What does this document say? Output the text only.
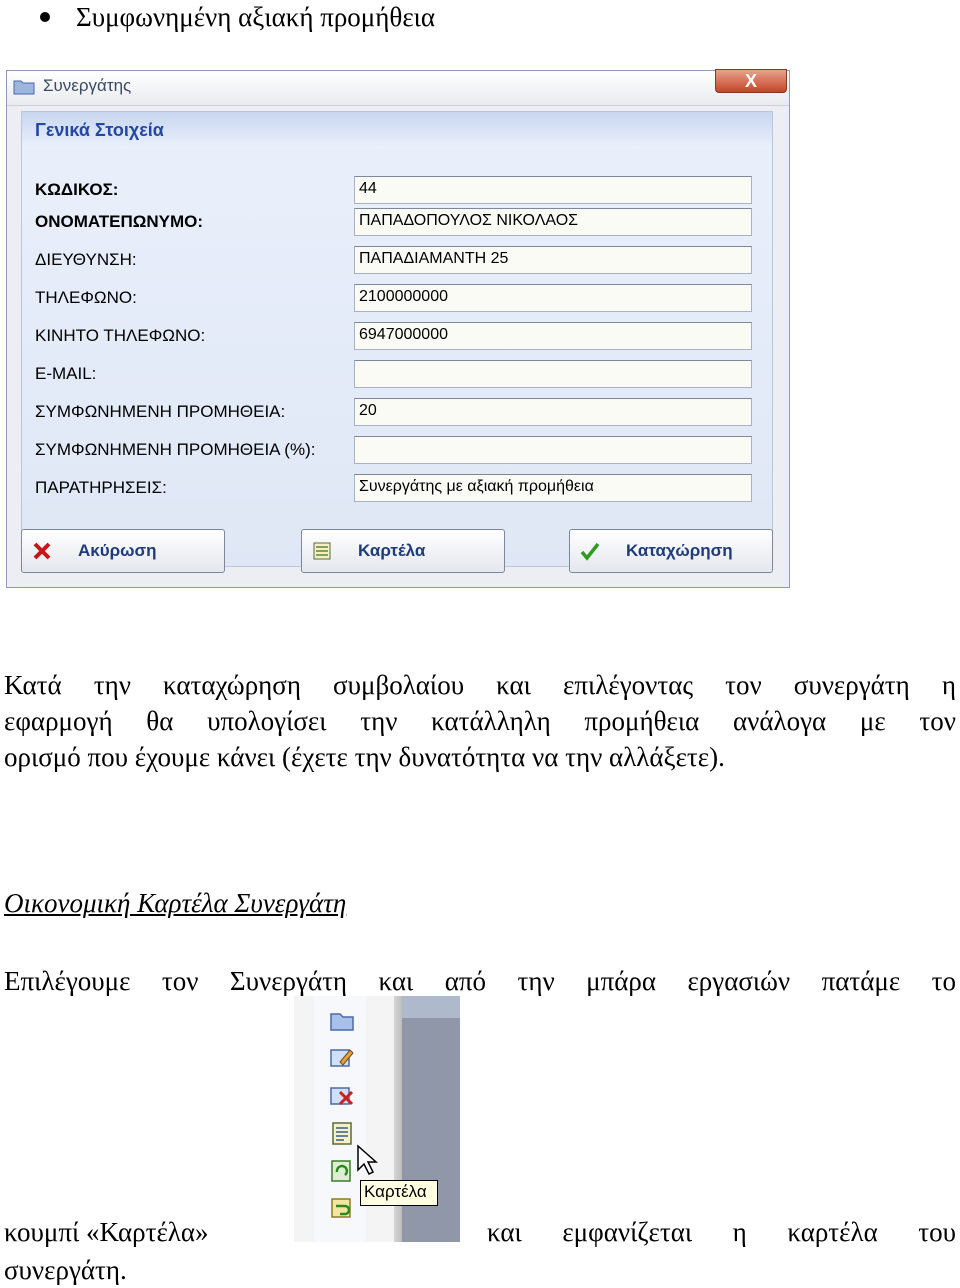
Συμφωνημένη αξιακή προμήθεια
Συνεργάτης	X
Γενικά Στοιχεία
ΚΩΔΙΚΟΣ:	44
ΟΝΟΜΑΤΕΠΩΝΥΜΟ:	ΠΑΠΑΔΟΠΟΥΛΟΣ ΝΙΚΟΛΑΟΣ
ΔΙΕΥΘΥΝΣΗ:	ΠΑΠΑΔΙΑΜΑΝΤΗ 25
ΤΗΛΕΦΩΝΟ:	2100000000
ΚΙΝΗΤΟ ΤΗΛΕΦΩΝΟ:	6947000000
E-MAIL:
ΣΥΜΦΩΝΗΜΕΝΗ ΠΡΟΜΗΘΕΙΑ:	20
ΣΥΜΦΩΝΗΜΕΝΗ ΠΡΟΜΗΘΕΙΑ (%):
ΠΑΡΑΤΗΡΗΣΕΙΣ:	Συνεργάτης με αξιακή προμήθεια
Ακύρωση	Καρτέλα	Καταχώρηση
Κατά την καταχώρηση συμβολαίου και επιλέγοντας τον συνεργάτη η
εφαρμογή θα υπολογίσει την κατάλληλη προμήθεια ανάλογα με τον
ορισμό που έχουμε κάνει (έχετε την δυνατότητα να την αλλάξετε).
Οικονομική Καρτέλα Συνεργάτη
Επιλέγουμε τον Συνεργάτη και από την μπάρα εργασιών πατάμε το
Καρτέλα
κουμπί «Καρτέλα»	και εμφανίζεται η καρτέλα του
συνεργάτη.
